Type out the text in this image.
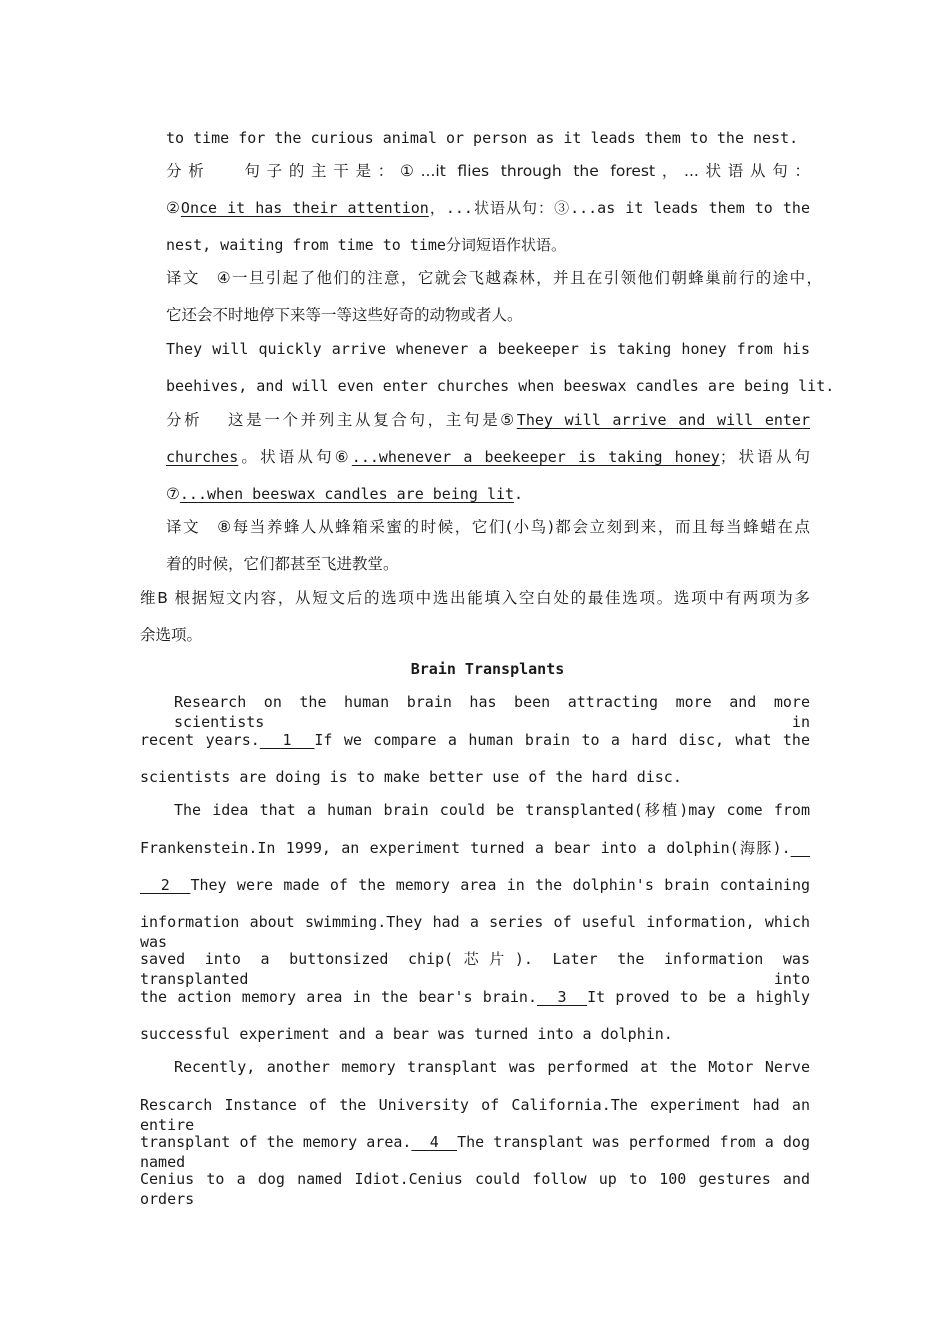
to time for the curious animal or person as it leads them to the nest.
分析　 句子的主干是：①...it flies through the forest，...状语从句：
②Once it has their attention，...状语从句：③...as it leads them to the
nest, waiting from time to time分词短语作状语。
译文　④一旦引起了他们的注意，它就会飞越森林，并且在引领他们朝蜂巢前行的途中，
它还会不时地停下来等一等这些好奇的动物或者人。
They will quickly arrive whenever a beekeeper is taking honey from his
beehives, and will even enter churches when beeswax candles are being lit.
分析　 这是一个并列主从复合句，主句是⑤They will arrive and will enter
churches。状语从句⑥...whenever a beekeeper is taking honey；状语从句
⑦...when beeswax candles are being lit.
译文　⑧每当养蜂人从蜂箱采蜜的时候，它们(小鸟)都会立刻到来，而且每当蜂蜡在点
着的时候，它们都甚至飞进教堂。
维B 根据短文内容，从短文后的选项中选出能填入空白处的最佳选项。选项中有两项为多
余选项。
Brain Transplants
Research on the human brain has been attracting more and more scientists in
recent years.  1  If we compare a human brain to a hard disc, what the
scientists are doing is to make better use of the hard disc.
The idea that a human brain could be transplanted(移植)may come from
Frankenstein.In 1999, an experiment turned a bear into a dolphin(海豚). _
2  They were made of the memory area in the dolphin's brain containing
information about swimming.They had a series of useful information, which was
saved into a buttonsized chip(芯片). Later the information was transplanted into
the action memory area in the bear's brain.  3  It proved to be a highly
successful experiment and a bear was turned into a dolphin.
Recently, another memory transplant was performed at the Motor Nerve
Rescarch Instance of the University of California.The experiment had an entire
transplant of the memory area.  4  The transplant was performed from a dog named
Cenius to a dog named Idiot.Cenius could follow up to 100 gestures and orders
